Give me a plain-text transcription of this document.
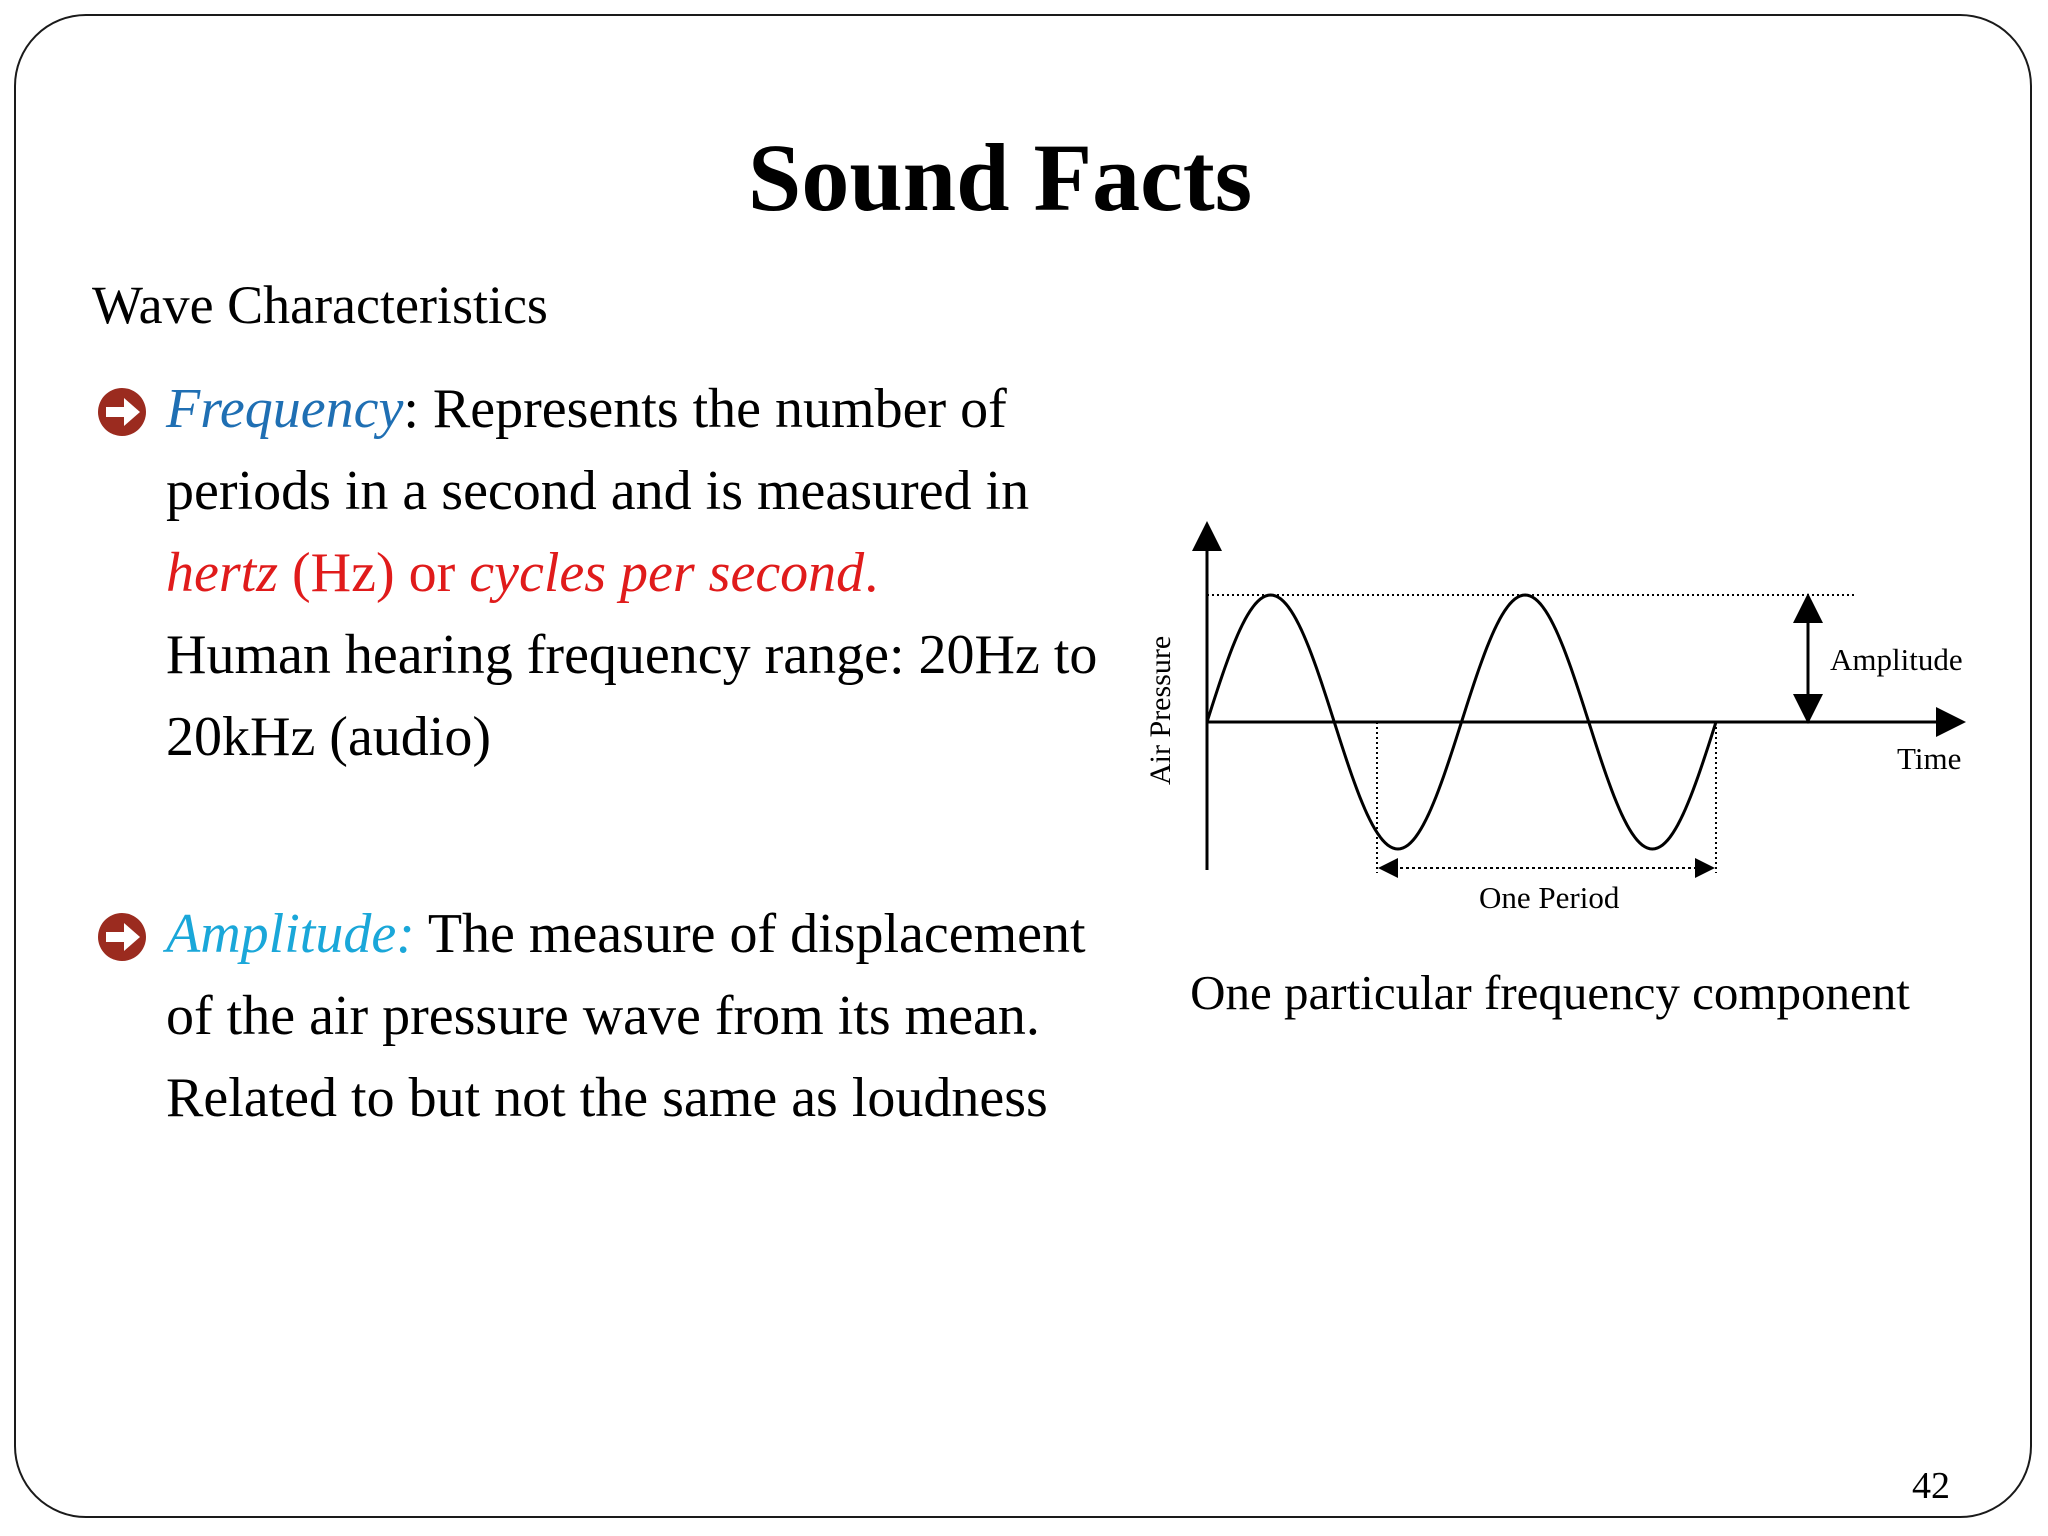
Sound Facts
Wave Characteristics
Frequency: Represents the number of periods in a second and is measured in hertz (Hz) or cycles per second.
Human hearing frequency range: 20Hz to 20kHz (audio)
Amplitude: The measure of displacement of the air pressure wave from its mean. Related to but not the same as loudness
Air Pressure	Amplitude
Time
One Period
One particular frequency component
42
